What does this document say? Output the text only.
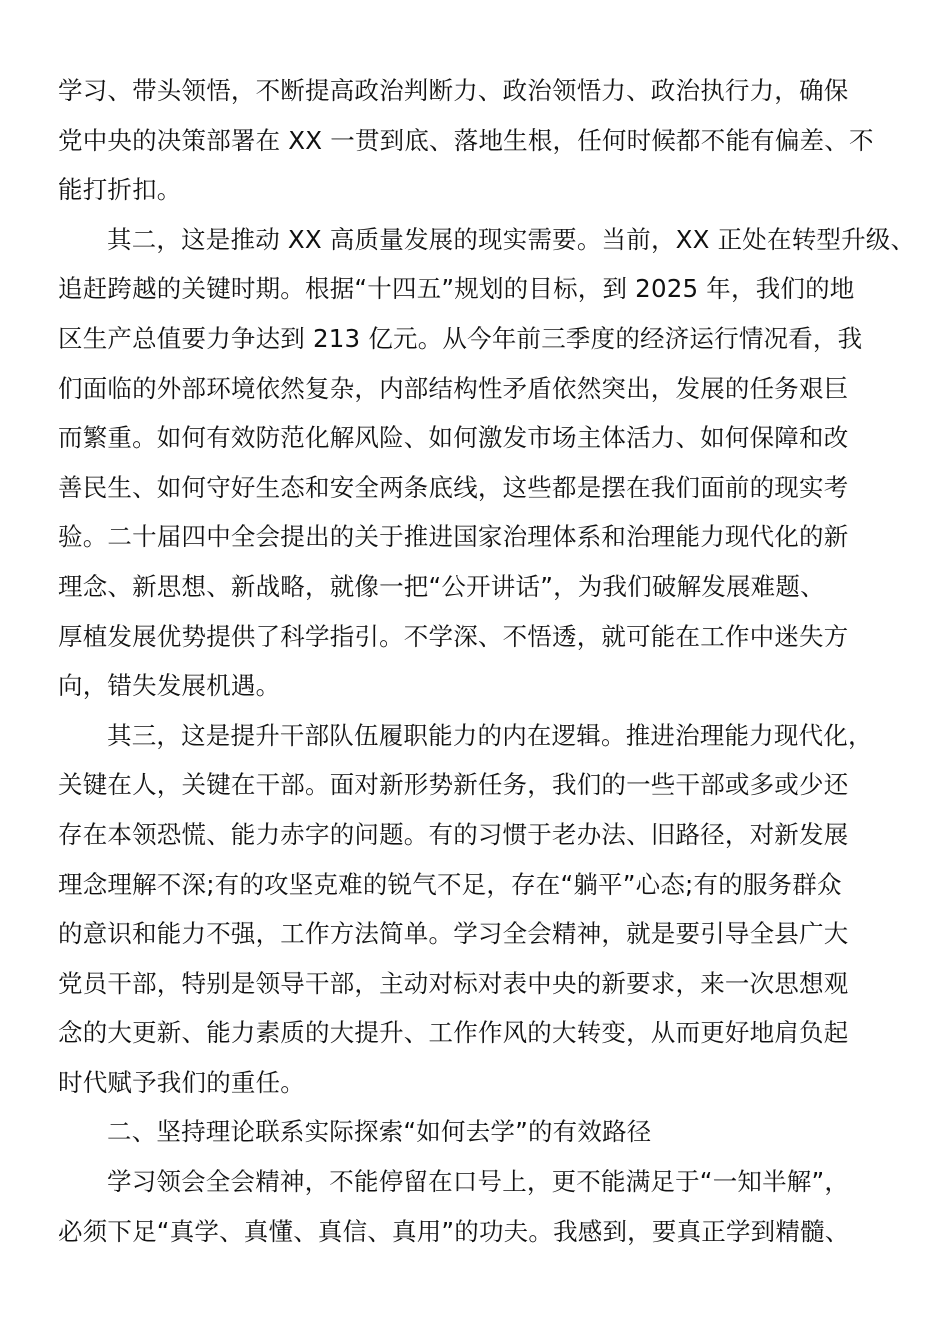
学习、带头领悟，不断提高政治判断力、政治领悟力、政治执行力，确保
党中央的决策部署在 XX 一贯到底、落地生根，任何时候都不能有偏差、不
能打折扣。
其二，这是推动 XX 高质量发展的现实需要。当前，XX 正处在转型升级、
追赶跨越的关键时期。根据“十四五”规划的目标，到 2025 年，我们的地
区生产总值要力争达到 213 亿元。从今年前三季度的经济运行情况看，我
们面临的外部环境依然复杂，内部结构性矛盾依然突出，发展的任务艰巨
而繁重。如何有效防范化解风险、如何激发市场主体活力、如何保障和改
善民生、如何守好生态和安全两条底线，这些都是摆在我们面前的现实考
验。二十届四中全会提出的关于推进国家治理体系和治理能力现代化的新
理念、新思想、新战略，就像一把“公开讲话”，为我们破解发展难题、
厚植发展优势提供了科学指引。不学深、不悟透，就可能在工作中迷失方
向，错失发展机遇。
其三，这是提升干部队伍履职能力的内在逻辑。推进治理能力现代化，
关键在人，关键在干部。面对新形势新任务，我们的一些干部或多或少还
存在本领恐慌、能力赤字的问题。有的习惯于老办法、旧路径，对新发展
理念理解不深;有的攻坚克难的锐气不足，存在“躺平”心态;有的服务群众
的意识和能力不强，工作方法简单。学习全会精神，就是要引导全县广大
党员干部，特别是领导干部，主动对标对表中央的新要求，来一次思想观
念的大更新、能力素质的大提升、工作作风的大转变，从而更好地肩负起
时代赋予我们的重任。
二、坚持理论联系实际探索“如何去学”的有效路径
学习领会全会精神，不能停留在口号上，更不能满足于“一知半解”，
必须下足“真学、真懂、真信、真用”的功夫。我感到，要真正学到精髓、
